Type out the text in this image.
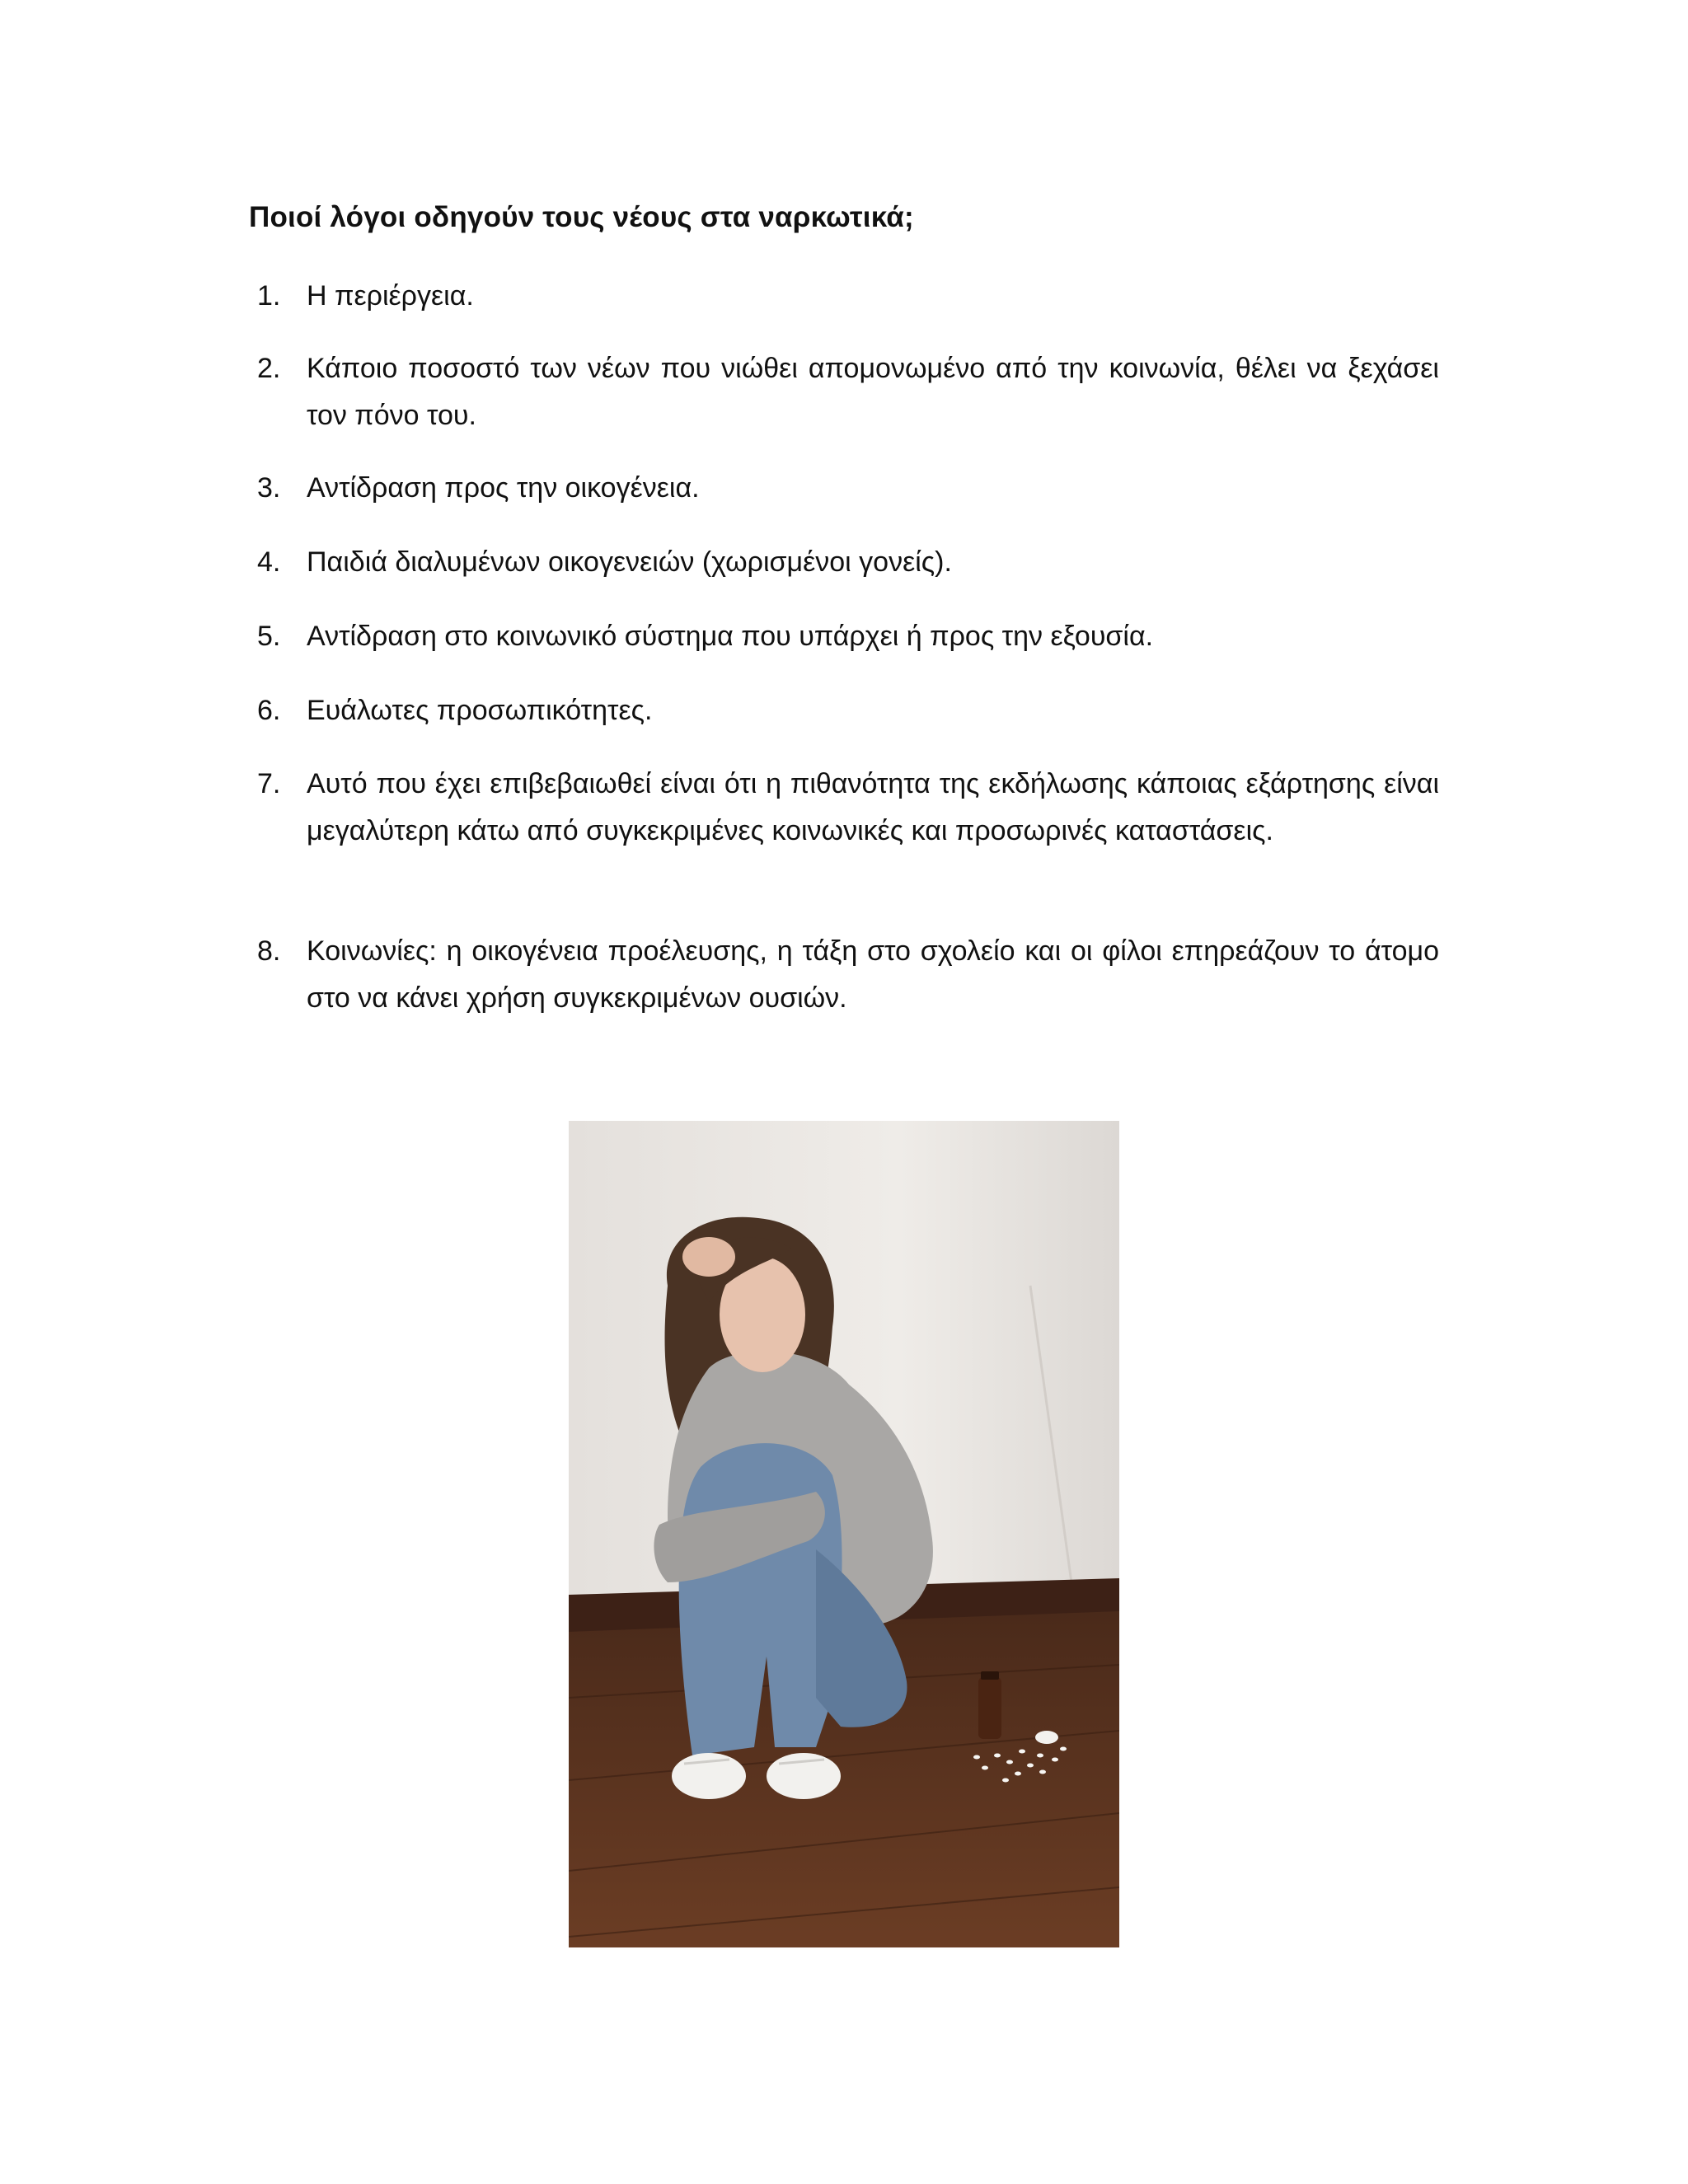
Ποιοί λόγοι οδηγούν τους νέους στα ναρκωτικά;
1. Η περιέργεια.
2. Κάποιο ποσοστό των νέων που νιώθει απομονωμένο από την κοινωνία, θέλει να ξεχάσει τον πόνο του.
3. Αντίδραση προς την οικογένεια.
4. Παιδιά διαλυμένων οικογενειών (χωρισμένοι γονείς).
5. Αντίδραση στο κοινωνικό σύστημα που υπάρχει ή προς την εξουσία.
6. Ευάλωτες προσωπικότητες.
7. Αυτό που έχει επιβεβαιωθεί είναι ότι η πιθανότητα της εκδήλωσης κάποιας εξάρτησης είναι μεγαλύτερη κάτω από συγκεκριμένες κοινωνικές και προσωρινές καταστάσεις.
8. Κοινωνίες: η οικογένεια προέλευσης, η τάξη στο σχολείο και οι φίλοι επηρεάζουν το άτομο στο να κάνει χρήση συγκεκριμένων ουσιών.
